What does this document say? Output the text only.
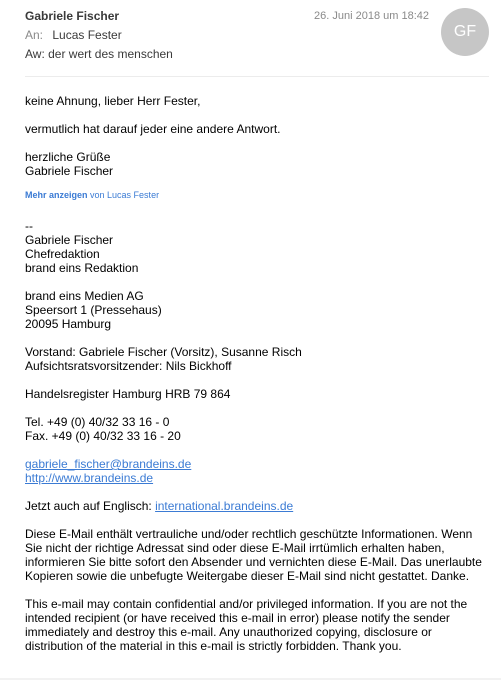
Gabriele Fischer	26. Juni 2018 um 18:42
An: Lucas Fester
Aw: der wert des menschen
GF
keine Ahnung, lieber Herr Fester,
vermutlich hat darauf jeder eine andere Antwort.
herzliche Grüße
Gabriele Fischer
Mehr anzeigen von Lucas Fester
--
Gabriele Fischer
Chefredaktion
brand eins Redaktion
brand eins Medien AG
Speersort 1 (Pressehaus)
20095 Hamburg
Vorstand: Gabriele Fischer (Vorsitz), Susanne Risch
Aufsichtsratsvorsitzender: Nils Bickhoff
Handelsregister Hamburg HRB 79 864
Tel. +49 (0) 40/32 33 16 - 0
Fax. +49 (0) 40/32 33 16 - 20
gabriele_fischer@brandeins.de
http://www.brandeins.de
Jetzt auch auf Englisch: international.brandeins.de
Diese E-Mail enthält vertrauliche und/oder rechtlich geschützte Informationen. Wenn Sie nicht der richtige Adressat sind oder diese E-Mail irrtümlich erhalten haben, informieren Sie bitte sofort den Absender und vernichten diese E-Mail. Das unerlaubte Kopieren sowie die unbefugte Weitergabe dieser E-Mail sind nicht gestattet. Danke.
This e-mail may contain confidential and/or privileged information. If you are not the intended recipient (or have received this e-mail in error) please notify the sender immediately and destroy this e-mail. Any unauthorized copying, disclosure or distribution of the material in this e-mail is strictly forbidden. Thank you.
